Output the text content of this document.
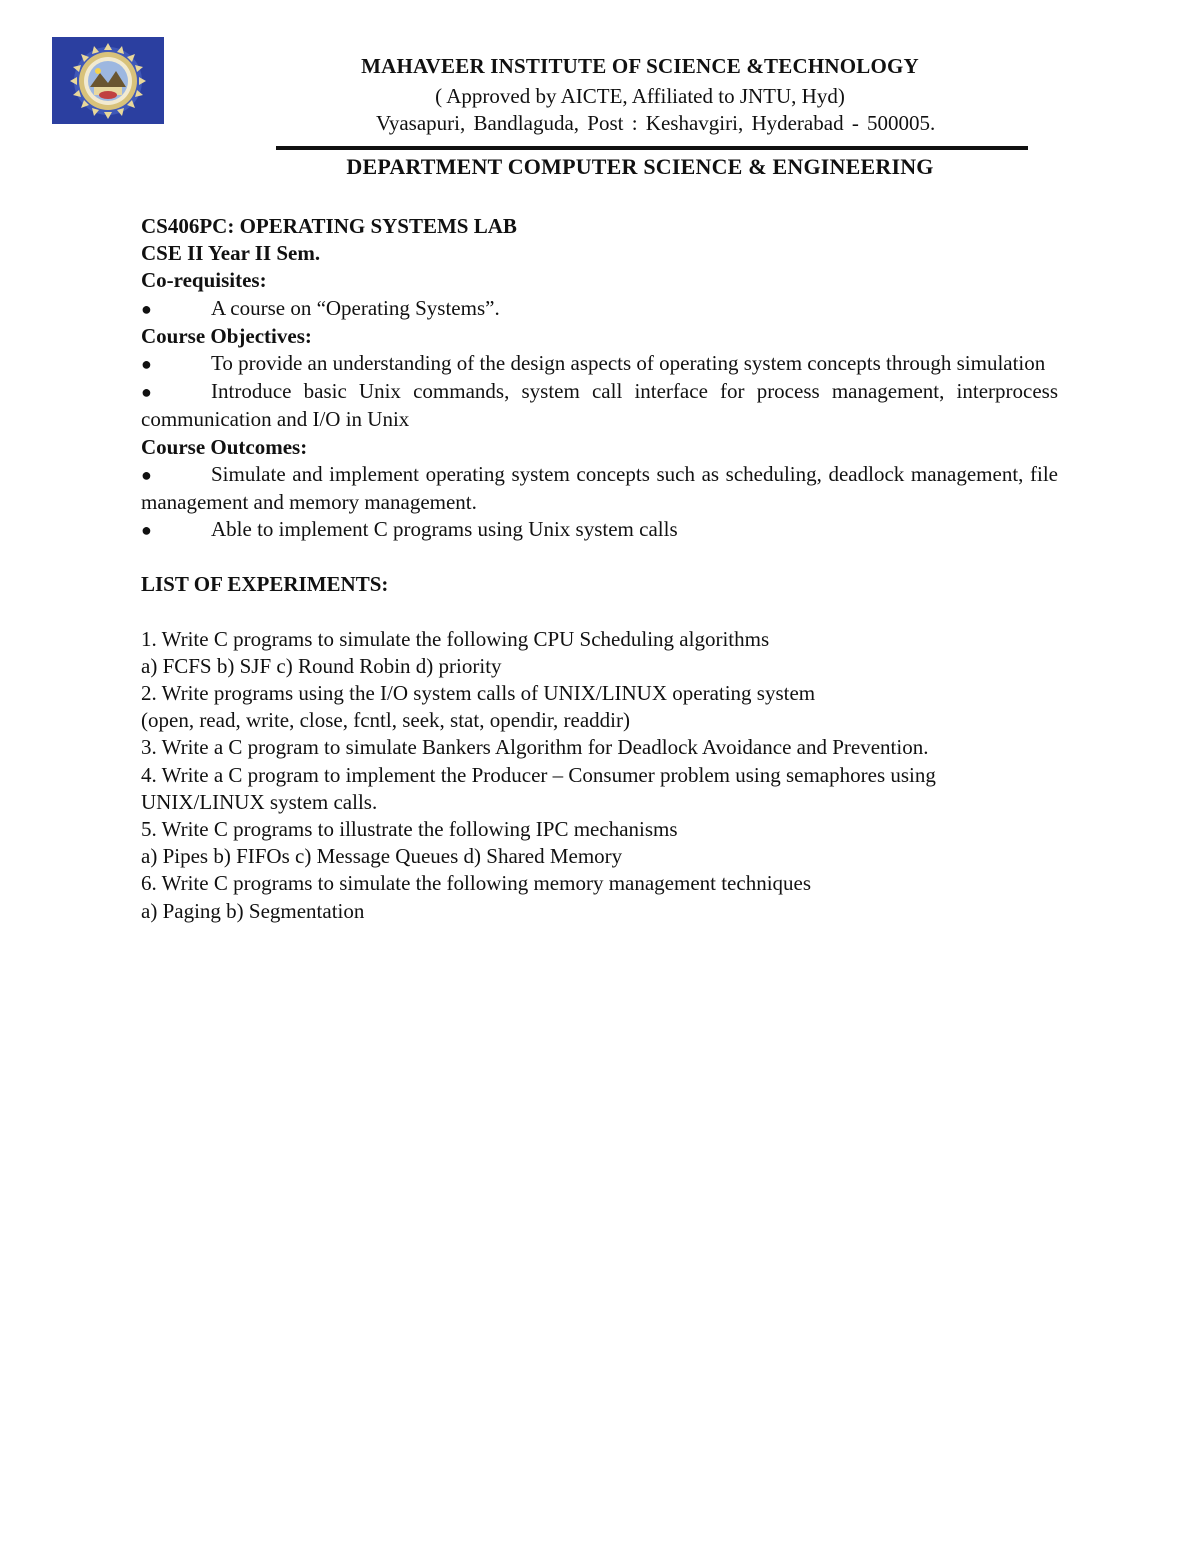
MAHAVEER INSTITUTE OF SCIENCE &TECHNOLOGY
( Approved by AICTE, Affiliated to JNTU, Hyd)
Vyasapuri, Bandlaguda, Post : Keshavgiri, Hyderabad - 500005.
DEPARTMENT COMPUTER SCIENCE & ENGINEERING

CS406PC: OPERATING SYSTEMS LAB

CSE II Year II Sem.

Co-requisites:

●	A course on “Operating Systems”.

Course Objectives:

●	To provide an understanding of the design aspects of operating system concepts through simulation

●	Introduce basic Unix commands, system call interface for process management, interprocess communication and I/O in Unix

Course Outcomes:

●	Simulate and implement operating system concepts such as scheduling, deadlock management, file management and memory management.

●	Able to implement C programs using Unix system calls

LIST OF EXPERIMENTS:

1. Write C programs to simulate the following CPU Scheduling algorithms

a) FCFS b) SJF c) Round Robin d) priority

2. Write programs using the I/O system calls of UNIX/LINUX operating system

(open, read, write, close, fcntl, seek, stat, opendir, readdir)

3. Write a C program to simulate Bankers Algorithm for Deadlock Avoidance and Prevention.

4. Write a C program to implement the Producer – Consumer problem using semaphores using UNIX/LINUX system calls.

5. Write C programs to illustrate the following IPC mechanisms

a) Pipes b) FIFOs c) Message Queues d) Shared Memory

6. Write C programs to simulate the following memory management techniques

a) Paging b) Segmentation
